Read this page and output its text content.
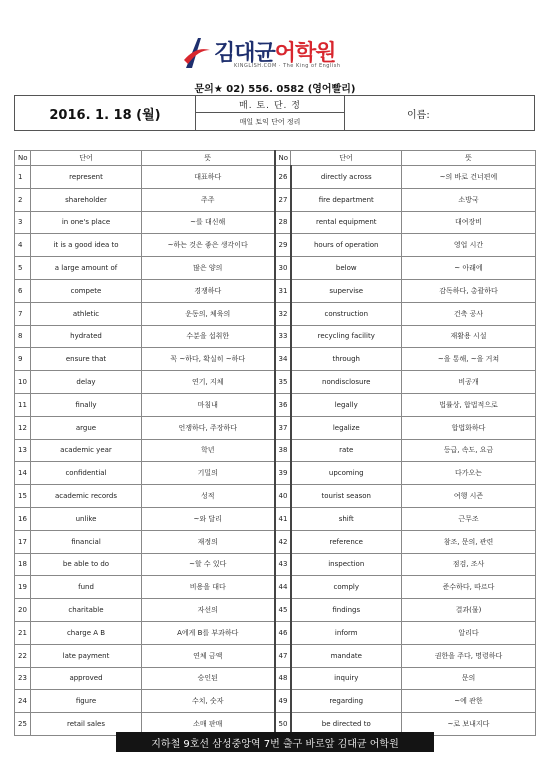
김대균어학원
KINGLISH.COM · The King of English
문의★ 02) 556. 0582 (영어빨리)
2016. 1. 18 (월)
매. 토. 단. 정
매일 토익 단어 정리
이름:
No	단어	뜻	No	단어	뜻
1	represent	대표하다	26	directly across	~의 바로 건너편에
2	shareholder	주주	27	fire department	소방국
3	in one's place	~를 대신해	28	rental equipment	대여장비
4	it is a good idea to	~하는 것은 좋은 생각이다	29	hours of operation	영업 시간
5	a large amount of	많은 양의	30	below	~ 아래에
6	compete	경쟁하다	31	supervise	감독하다, 총괄하다
7	athletic	운동의, 체육의	32	construction	건축 공사
8	hydrated	수분을 섭취한	33	recycling facility	재활용 시설
9	ensure that	꼭 ~하다, 확실히 ~하다	34	through	~을 통해, ~을 거쳐
10	delay	연기, 지체	35	nondisclosure	비공개
11	finally	마침내	36	legally	법률상, 합법적으로
12	argue	언쟁하다, 주장하다	37	legalize	합법화하다
13	academic year	학년	38	rate	등급, 속도, 요금
14	confidential	기밀의	39	upcoming	다가오는
15	academic records	성적	40	tourist season	여행 시즌
16	unlike	~와 달리	41	shift	근무조
17	financial	재정의	42	reference	참조, 문의, 관련
18	be able to do	~할 수 있다	43	inspection	점검, 조사
19	fund	비용을 대다	44	comply	준수하다, 따르다
20	charitable	자선의	45	findings	결과(물)
21	charge A B	A에게 B를 부과하다	46	inform	알리다
22	late payment	연체 금액	47	mandate	권한을 주다, 명령하다
23	approved	승인된	48	inquiry	문의
24	figure	수치, 숫자	49	regarding	~에 관한
25	retail sales	소매 판매	50	be directed to	~로 보내지다
지하철 9호선 삼성중앙역 7번 출구 바로앞 김대균 어학원
